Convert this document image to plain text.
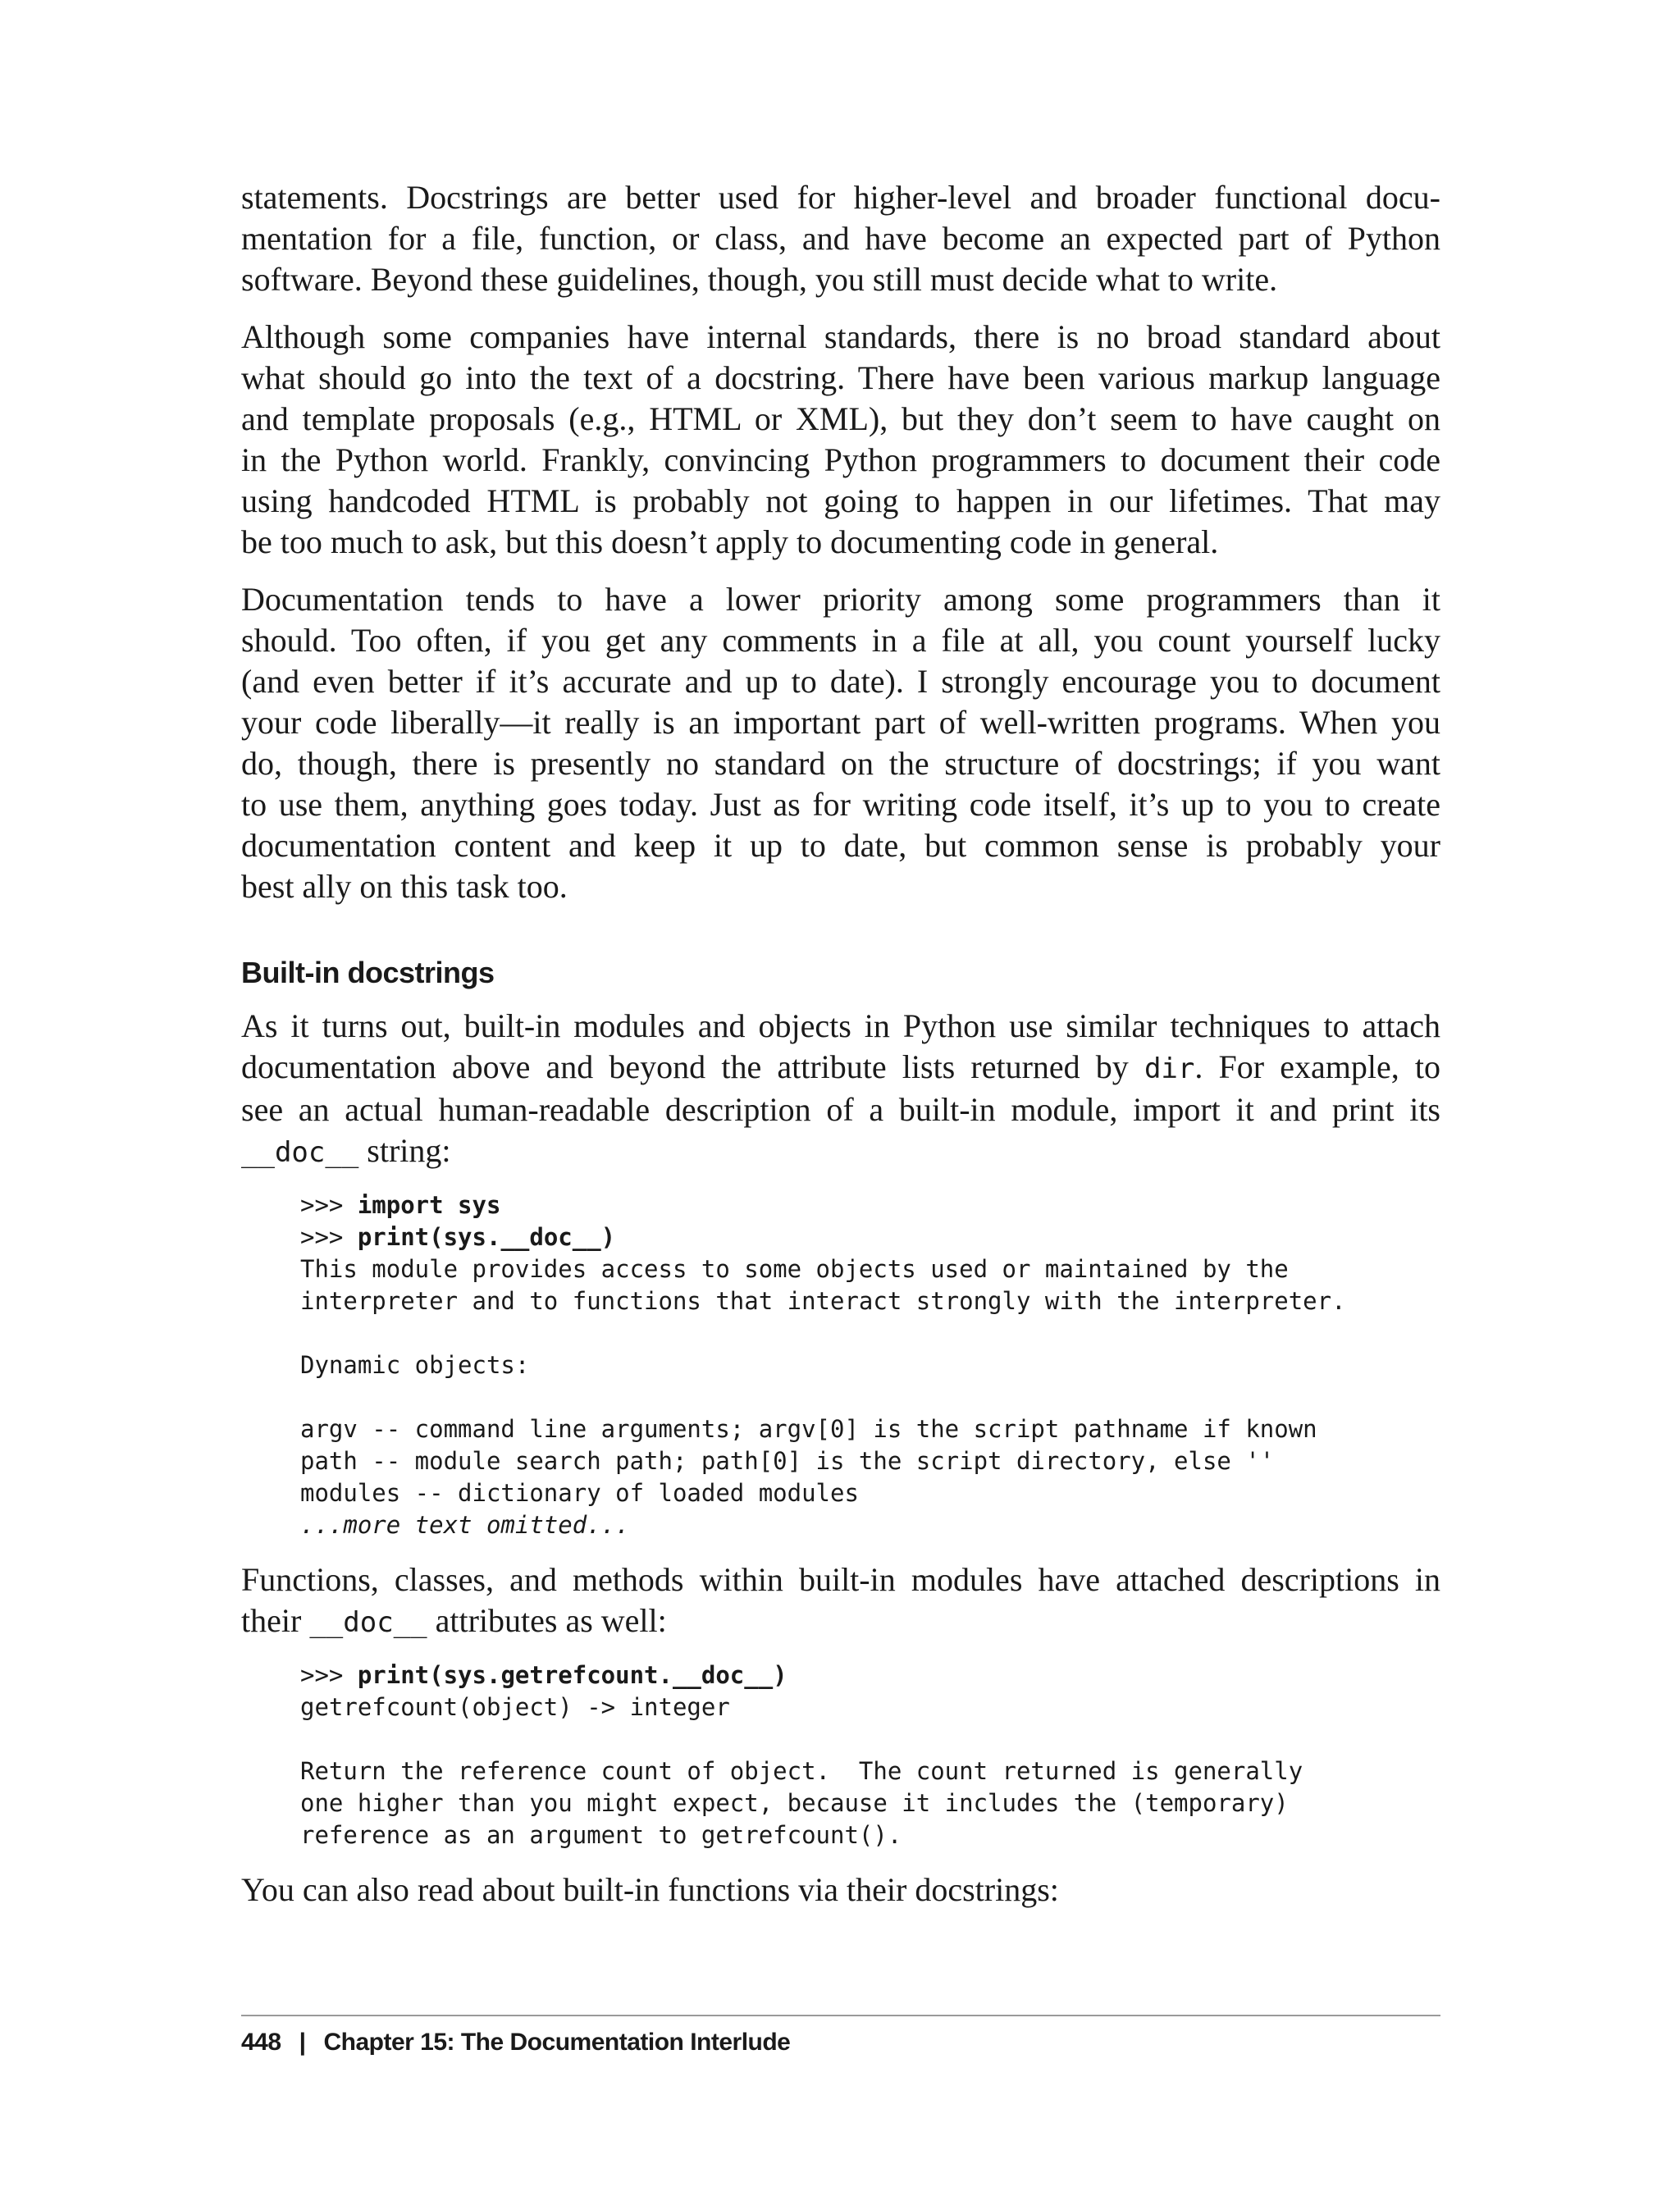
statements. Docstrings are better used for higher-level and broader functional docu-
mentation for a file, function, or class, and have become an expected part of Python
software. Beyond these guidelines, though, you still must decide what to write.

Although some companies have internal standards, there is no broad standard about
what should go into the text of a docstring. There have been various markup language
and template proposals (e.g., HTML or XML), but they don’t seem to have caught on
in the Python world. Frankly, convincing Python programmers to document their code
using handcoded HTML is probably not going to happen in our lifetimes. That may
be too much to ask, but this doesn’t apply to documenting code in general.

Documentation tends to have a lower priority among some programmers than it
should. Too often, if you get any comments in a file at all, you count yourself lucky
(and even better if it’s accurate and up to date). I strongly encourage you to document
your code liberally—it really is an important part of well-written programs. When you
do, though, there is presently no standard on the structure of docstrings; if you want
to use them, anything goes today. Just as for writing code itself, it’s up to you to create
documentation content and keep it up to date, but common sense is probably your
best ally on this task too.

Built-in docstrings

As it turns out, built-in modules and objects in Python use similar techniques to attach
documentation above and beyond the attribute lists returned by dir. For example, to
see an actual human-readable description of a built-in module, import it and print its
__doc__ string:

>>> import sys
>>> print(sys.__doc__)
This module provides access to some objects used or maintained by the
interpreter and to functions that interact strongly with the interpreter.
Dynamic objects:
argv -- command line arguments; argv[0] is the script pathname if known
path -- module search path; path[0] is the script directory, else ''
modules -- dictionary of loaded modules
...more text omitted...

Functions, classes, and methods within built-in modules have attached descriptions in
their __doc__ attributes as well:

>>> print(sys.getrefcount.__doc__)
getrefcount(object) -> integer
Return the reference count of object.  The count returned is generally
one higher than you might expect, because it includes the (temporary)
reference as an argument to getrefcount().

You can also read about built-in functions via their docstrings:

448 | Chapter 15: The Documentation Interlude
